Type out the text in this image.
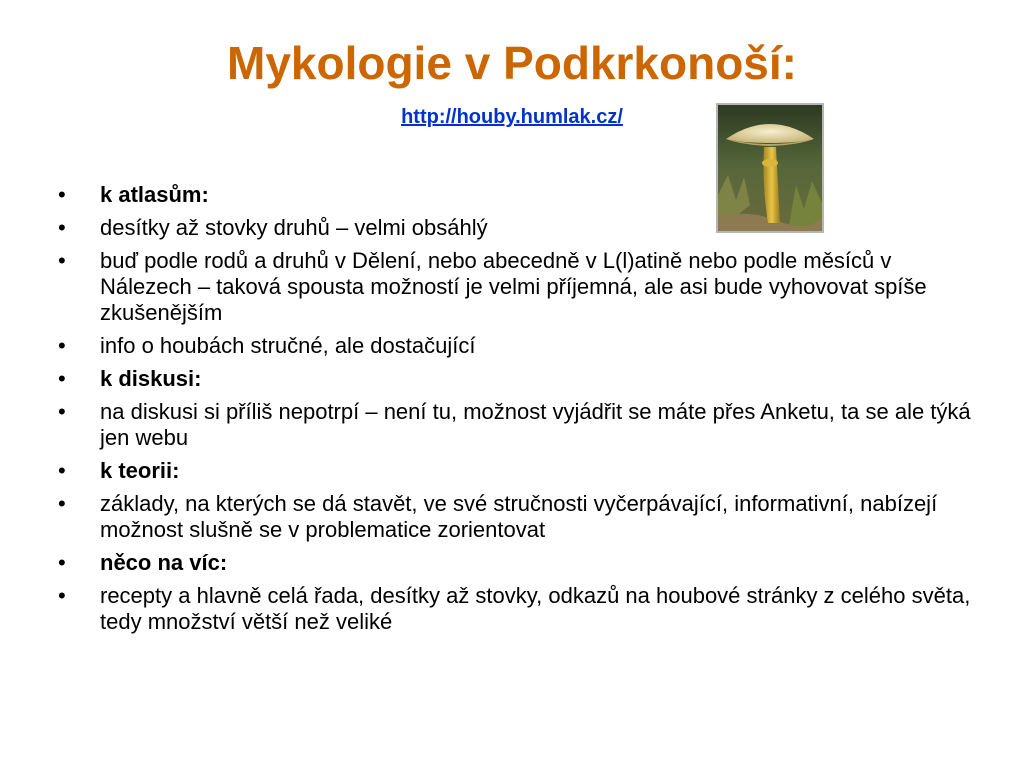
Mykologie v Podkrkonoší:
http://houby.humlak.cz/
•	k atlasům:
•	desítky až stovky druhů – velmi obsáhlý
•	buď podle rodů a druhů v Dělení, nebo abecedně v L(l)atině nebo podle měsíců v Nálezech – taková spousta možností je velmi příjemná, ale asi bude vyhovovat spíše zkušenějším
•	info o houbách stručné, ale dostačující
•	k diskusi:
•	na diskusi si příliš nepotrpí – není tu, možnost vyjádřit se máte přes Anketu, ta se ale týká jen webu
•	k teorii:
•	základy, na kterých se dá stavět, ve své stručnosti vyčerpávající, informativní, nabízejí možnost slušně se v problematice zorientovat
•	něco na víc:
•	recepty a hlavně celá řada, desítky až stovky, odkazů na houbové stránky z celého světa, tedy množství větší než veliké
